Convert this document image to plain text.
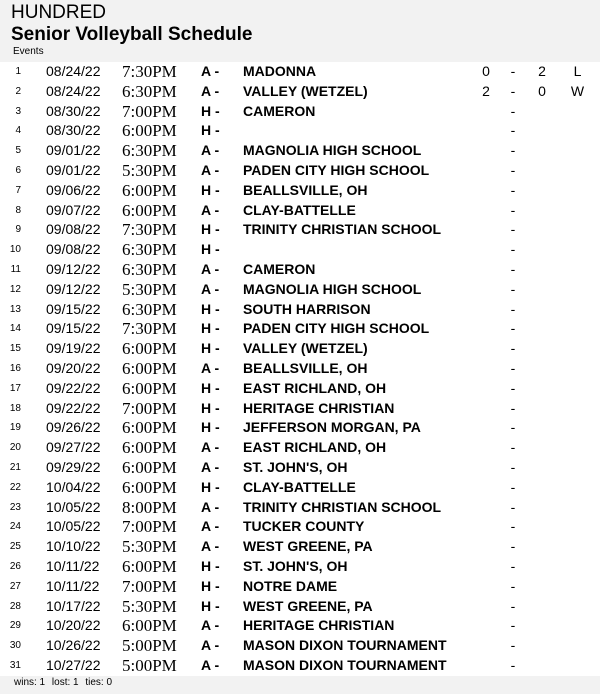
HUNDRED
Senior Volleyball Schedule
Events
1 08/24/22 7:30PM A - MADONNA	0	-	2	L
2 08/24/22 6:30PM A - VALLEY (WETZEL)	2	-	0	W
3 08/30/22 7:00PM H - CAMERON	-
4 08/30/22 6:00PM H -	-
5 09/01/22 6:30PM A - MAGNOLIA HIGH SCHOOL	-
6 09/01/22 5:30PM A - PADEN CITY HIGH SCHOOL	-
7 09/06/22 6:00PM H - BEALLSVILLE, OH	-
8 09/07/22 6:00PM A - CLAY-BATTELLE	-
9 09/08/22 7:30PM H - TRINITY CHRISTIAN SCHOOL	-
10 09/08/22 6:30PM H -	-
11 09/12/22 6:30PM A - CAMERON	-
12 09/12/22 5:30PM A - MAGNOLIA HIGH SCHOOL	-
13 09/15/22 6:30PM H - SOUTH HARRISON	-
14 09/15/22 7:30PM H - PADEN CITY HIGH SCHOOL	-
15 09/19/22 6:00PM H - VALLEY (WETZEL)	-
16 09/20/22 6:00PM A - BEALLSVILLE, OH	-
17 09/22/22 6:00PM H - EAST RICHLAND, OH	-
18 09/22/22 7:00PM H - HERITAGE CHRISTIAN	-
19 09/26/22 6:00PM H - JEFFERSON MORGAN, PA	-
20 09/27/22 6:00PM A - EAST RICHLAND, OH	-
21 09/29/22 6:00PM A - ST. JOHN'S, OH	-
22 10/04/22 6:00PM H - CLAY-BATTELLE	-
23 10/05/22 8:00PM A - TRINITY CHRISTIAN SCHOOL	-
24 10/05/22 7:00PM A - TUCKER COUNTY	-
25 10/10/22 5:30PM A - WEST GREENE, PA	-
26 10/11/22 6:00PM H - ST. JOHN'S, OH	-
27 10/11/22 7:00PM H - NOTRE DAME	-
28 10/17/22 5:30PM H - WEST GREENE, PA	-
29 10/20/22 6:00PM A - HERITAGE CHRISTIAN	-
30 10/26/22 5:00PM A - MASON DIXON TOURNAMENT	-
31 10/27/22 5:00PM A - MASON DIXON TOURNAMENT	-
wins: 1 lost: 1 ties: 0
